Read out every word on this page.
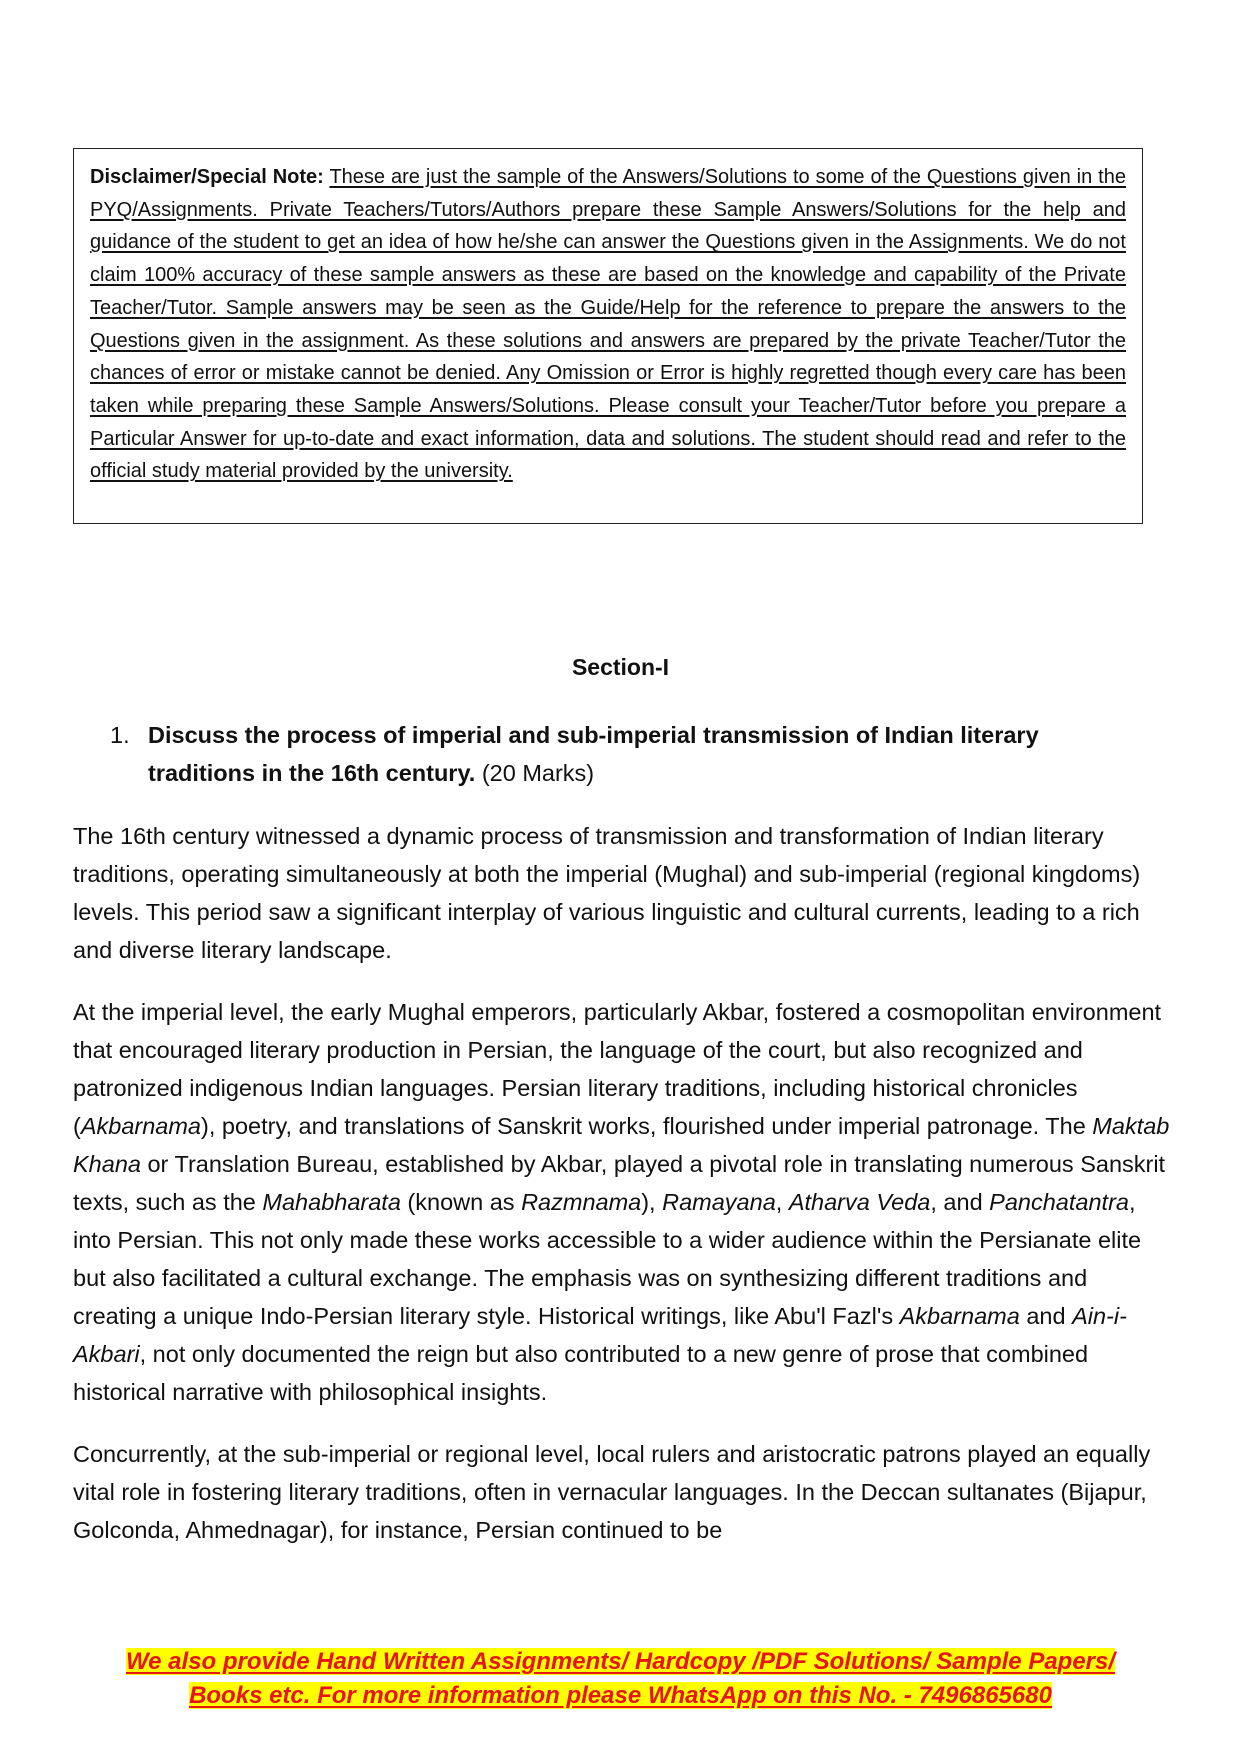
Disclaimer/Special Note: These are just the sample of the Answers/Solutions to some of the Questions given in the PYQ/Assignments. Private Teachers/Tutors/Authors prepare these Sample Answers/Solutions for the help and guidance of the student to get an idea of how he/she can answer the Questions given in the Assignments. We do not claim 100% accuracy of these sample answers as these are based on the knowledge and capability of the Private Teacher/Tutor. Sample answers may be seen as the Guide/Help for the reference to prepare the answers to the Questions given in the assignment. As these solutions and answers are prepared by the private Teacher/Tutor the chances of error or mistake cannot be denied. Any Omission or Error is highly regretted though every care has been taken while preparing these Sample Answers/Solutions. Please consult your Teacher/Tutor before you prepare a Particular Answer for up-to-date and exact information, data and solutions. The student should read and refer to the official study material provided by the university.

Section-I
1. Discuss the process of imperial and sub-imperial transmission of Indian literary traditions in the 16th century. (20 Marks)

The 16th century witnessed a dynamic process of transmission and transformation of Indian literary traditions, operating simultaneously at both the imperial (Mughal) and sub-imperial (regional kingdoms) levels. This period saw a significant interplay of various linguistic and cultural currents, leading to a rich and diverse literary landscape.

At the imperial level, the early Mughal emperors, particularly Akbar, fostered a cosmopolitan environment that encouraged literary production in Persian, the language of the court, but also recognized and patronized indigenous Indian languages. Persian literary traditions, including historical chronicles (Akbarnama), poetry, and translations of Sanskrit works, flourished under imperial patronage. The Maktab Khana or Translation Bureau, established by Akbar, played a pivotal role in translating numerous Sanskrit texts, such as the Mahabharata (known as Razmnama), Ramayana, Atharva Veda, and Panchatantra, into Persian. This not only made these works accessible to a wider audience within the Persianate elite but also facilitated a cultural exchange. The emphasis was on synthesizing different traditions and creating a unique Indo-Persian literary style. Historical writings, like Abu'l Fazl's Akbarnama and Ain-i-Akbari, not only documented the reign but also contributed to a new genre of prose that combined historical narrative with philosophical insights.

Concurrently, at the sub-imperial or regional level, local rulers and aristocratic patrons played an equally vital role in fostering literary traditions, often in vernacular languages. In the Deccan sultanates (Bijapur, Golconda, Ahmednagar), for instance, Persian continued to be

We also provide Hand Written Assignments/ Hardcopy /PDF Solutions/ Sample Papers/
Books etc. For more information please WhatsApp on this No. - 7496865680
